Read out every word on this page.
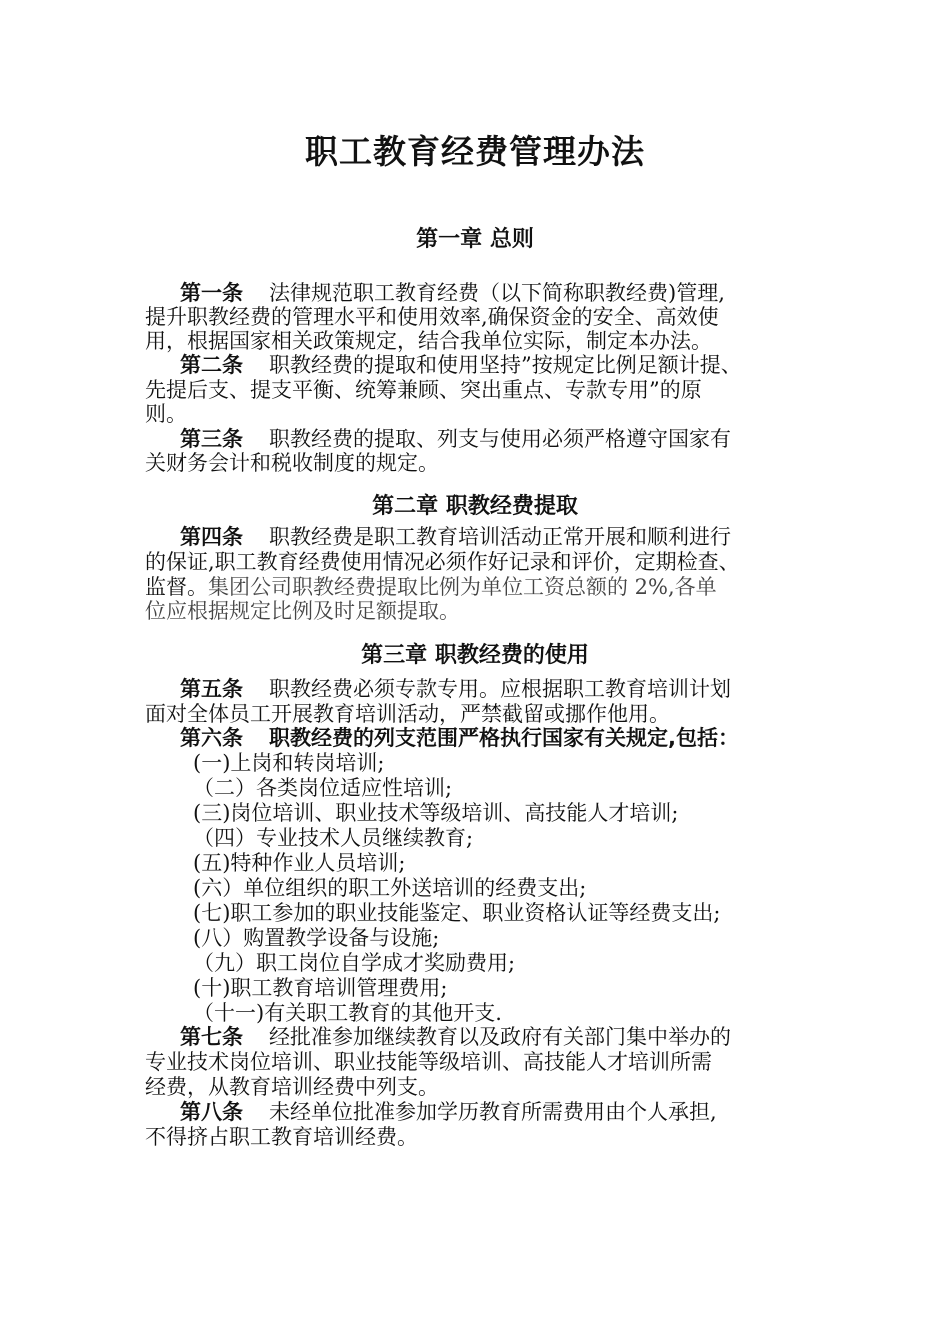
职工教育经费管理办法
第一章 总则
第一条 法律规范职工教育经费（以下简称职教经费)管理,
提升职教经费的管理水平和使用效率,确保资金的安全、高效使
用，根据国家相关政策规定，结合我单位实际，制定本办法。
第二条 职教经费的提取和使用坚持”按规定比例足额计提、
先提后支、提支平衡、统筹兼顾、突出重点、专款专用”的原
则。
第三条 职教经费的提取、列支与使用必须严格遵守国家有
关财务会计和税收制度的规定。
第二章 职教经费提取
第四条 职教经费是职工教育培训活动正常开展和顺利进行
的保证,职工教育经费使用情况必须作好记录和评价，定期检查、
监督。集团公司职教经费提取比例为单位工资总额的 2%,各单
位应根据规定比例及时足额提取。
第三章 职教经费的使用
第五条 职教经费必须专款专用。应根据职工教育培训计划
面对全体员工开展教育培训活动，严禁截留或挪作他用。
第六条 职教经费的列支范围严格执行国家有关规定,包括：
(一)上岗和转岗培训;
（二）各类岗位适应性培训;
(三)岗位培训、职业技术等级培训、高技能人才培训;
（四）专业技术人员继续教育;
(五)特种作业人员培训;
(六）单位组织的职工外送培训的经费支出;
(七)职工参加的职业技能鉴定、职业资格认证等经费支出;
(八）购置教学设备与设施;
（九）职工岗位自学成才奖励费用;
(十)职工教育培训管理费用;
（十一)有关职工教育的其他开支.
第七条 经批准参加继续教育以及政府有关部门集中举办的
专业技术岗位培训、职业技能等级培训、高技能人才培训所需
经费，从教育培训经费中列支。
第八条 未经单位批准参加学历教育所需费用由个人承担,
不得挤占职工教育培训经费。
